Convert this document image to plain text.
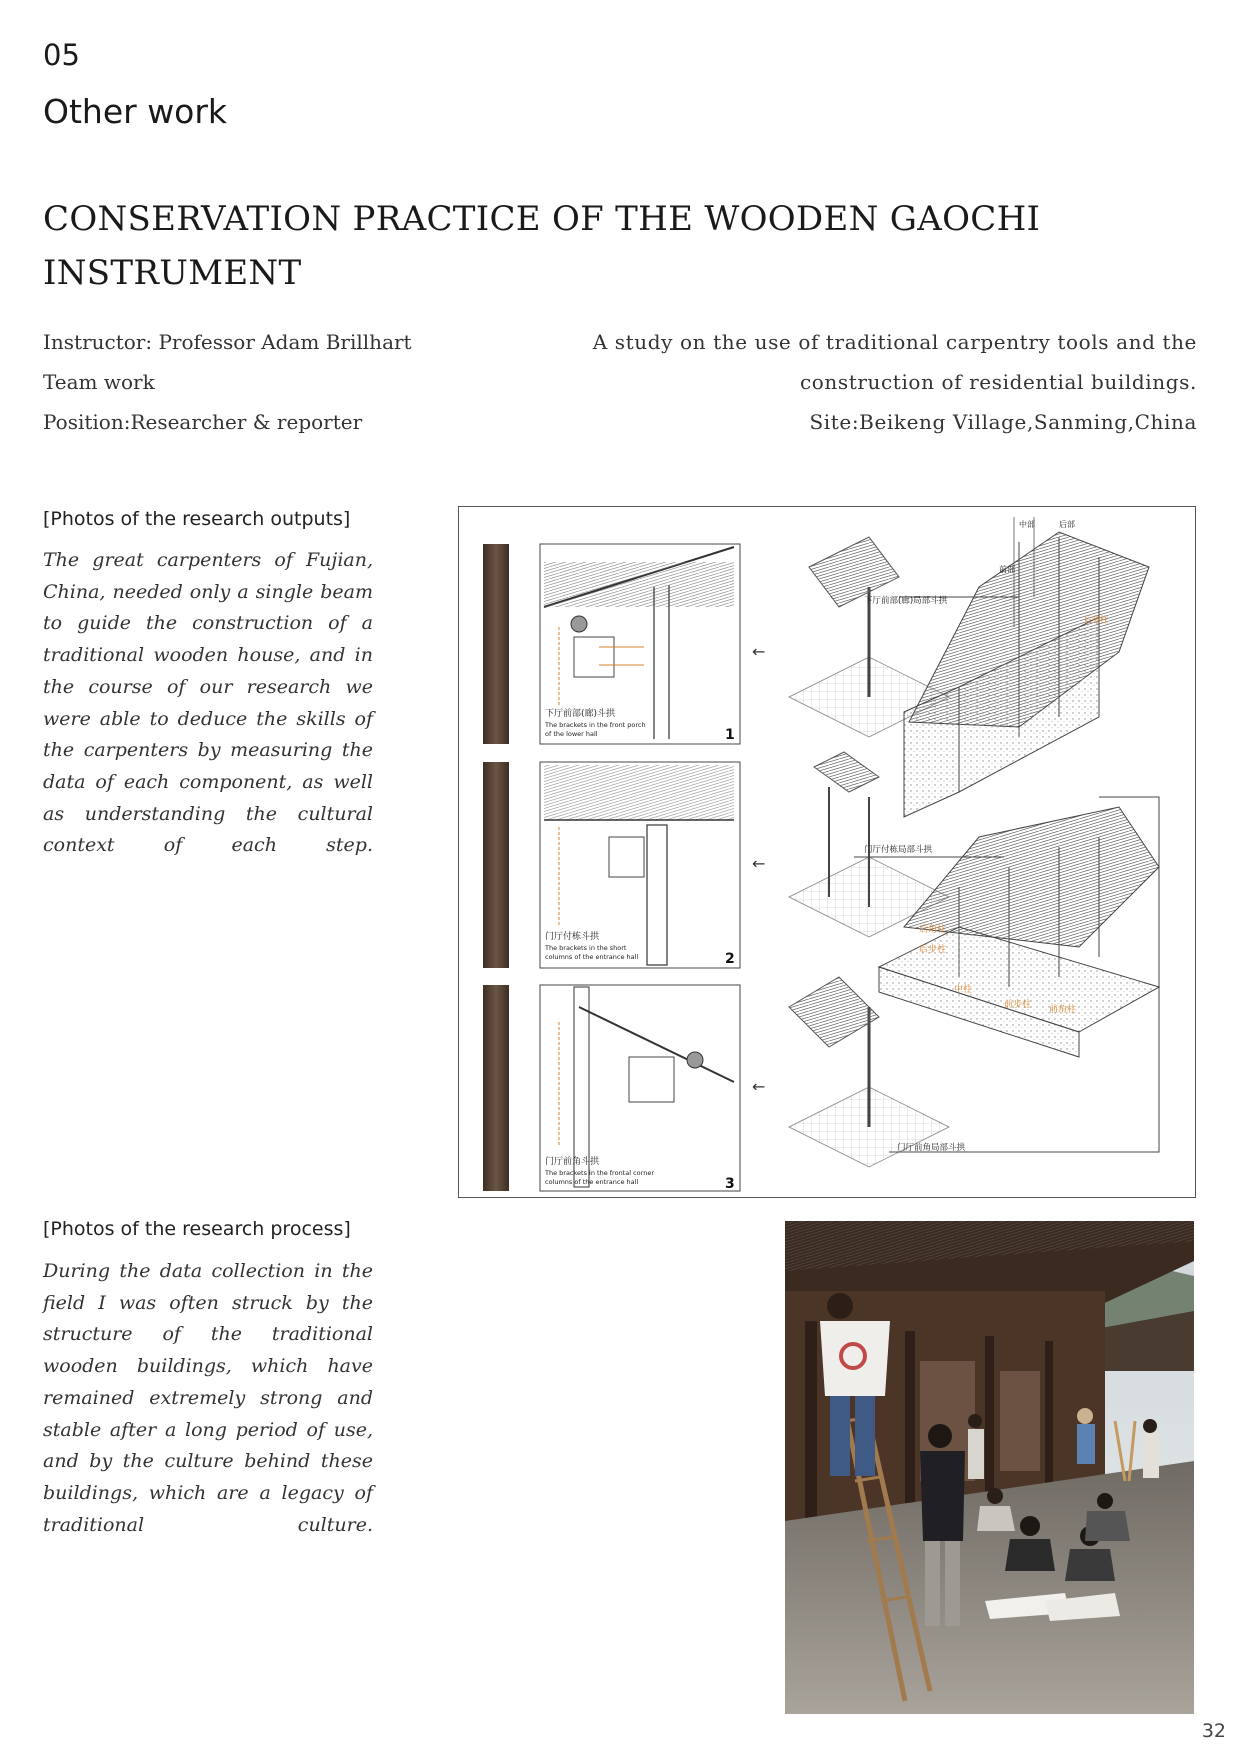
05
Other work
CONSERVATION PRACTICE OF THE WOODEN GAOCHI INSTRUMENT
Instructor: Professor Adam Brillhart
Team work
Position:Researcher & reporter
A study on the use of traditional carpentry tools and the
construction of residential buildings.
Site:Beikeng Village,Sanming,China
[Photos of the research outputs]
The great carpenters of Fujian, China, needed only a single beam to guide the construction of a traditional wooden house, and in the course of our research we were able to deduce the skills of the carpenters by measuring the data of each component, as well as understanding the cultural context of each step.
下厅前部(廊)斗拱
The brackets in the front porch
of the lower hall	1
门厅付栋斗拱
The brackets in the short
columns of the entrance hall	2
门厅前角斗拱
The brackets in the frontal corner
columns of the entrance hall	3
←
←
←
下厅前部(廊)局部斗拱
门厅付栋局部斗拱
门厅前角局部斗拱
中部	后部
前部
后金柱
后步柱
中柱
前步柱 前角柱
后角柱
[Photos of the research process]
During the data collection in the field I was often struck by the structure of the traditional wooden buildings, which have remained extremely strong and stable after a long period of use, and by the culture behind these buildings, which are a legacy of traditional culture.
32
